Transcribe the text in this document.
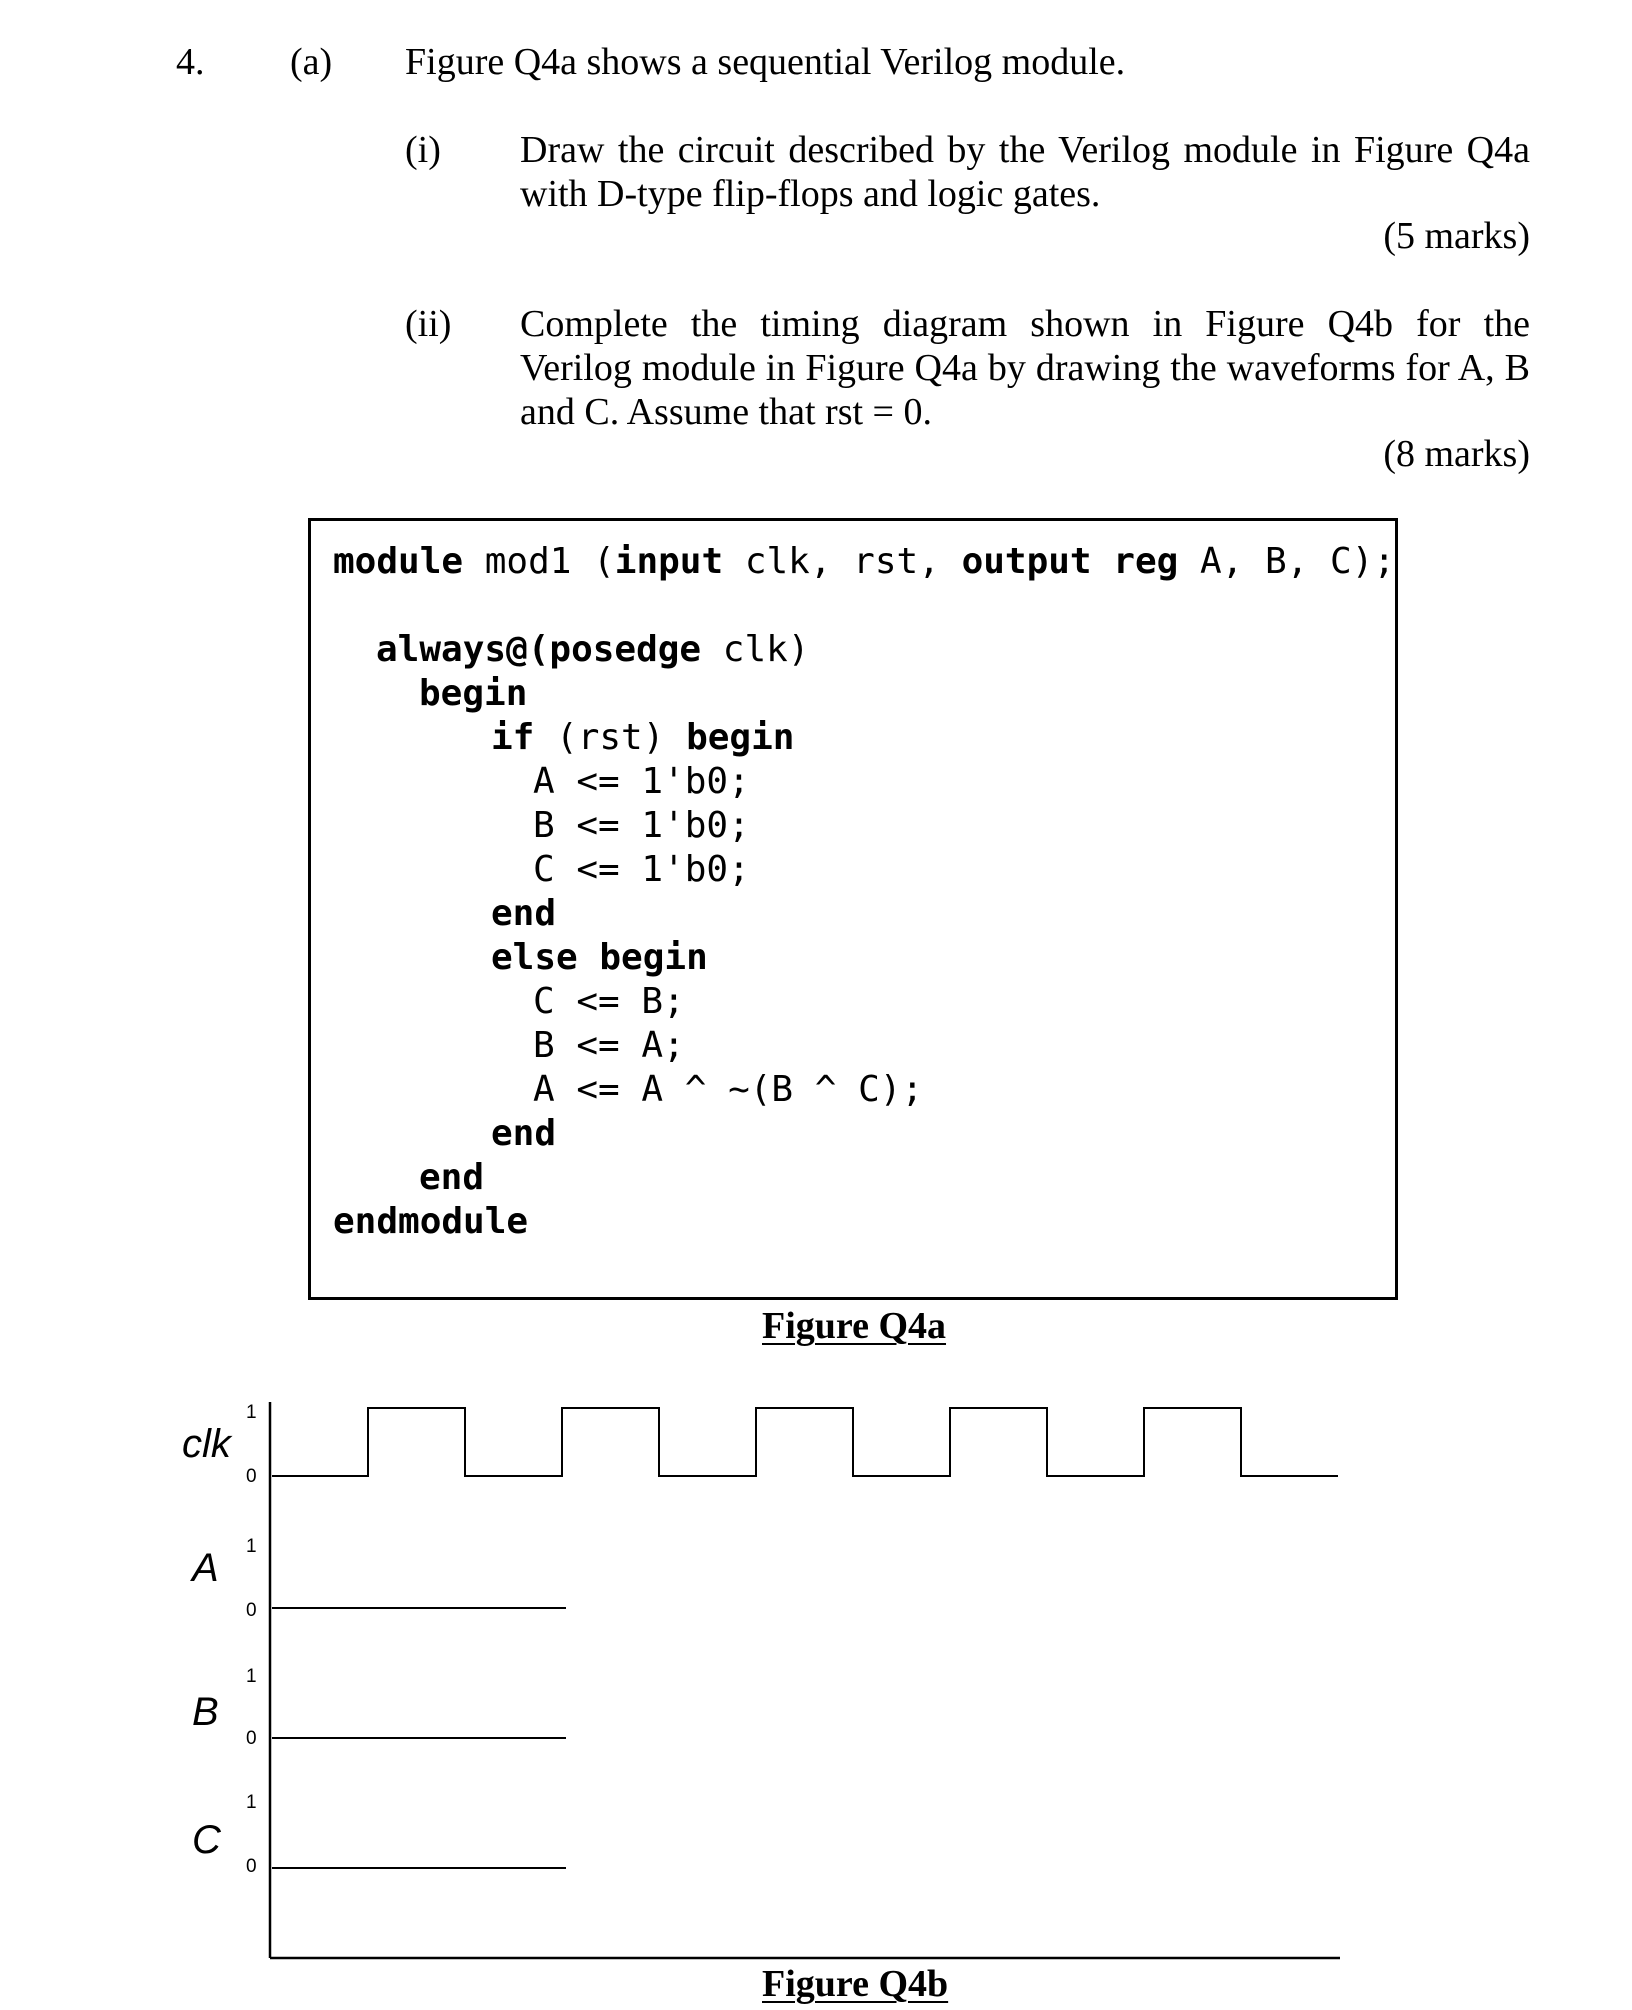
4. (a) Figure Q4a shows a sequential Verilog module.
(i) Draw the circuit described by the Verilog module in Figure Q4a
with D-type flip-flops and logic gates.
(5 marks)
(ii) Complete the timing diagram shown in Figure Q4b for the
Verilog module in Figure Q4a by drawing the waveforms for A, B
and C. Assume that rst = 0.
(8 marks)
module mod1 (input clk, rst, output reg A, B, C);
always@(posedge clk)
begin
if (rst) begin
A <= 1'b0;
B <= 1'b0;
C <= 1'b0;
end
else begin
C <= B;
B <= A;
A <= A ^ ~(B ^ C);
end
end
endmodule
Figure Q4a
clk
1
0
A 1
0
B
1
0
C
1
0
Figure Q4b
